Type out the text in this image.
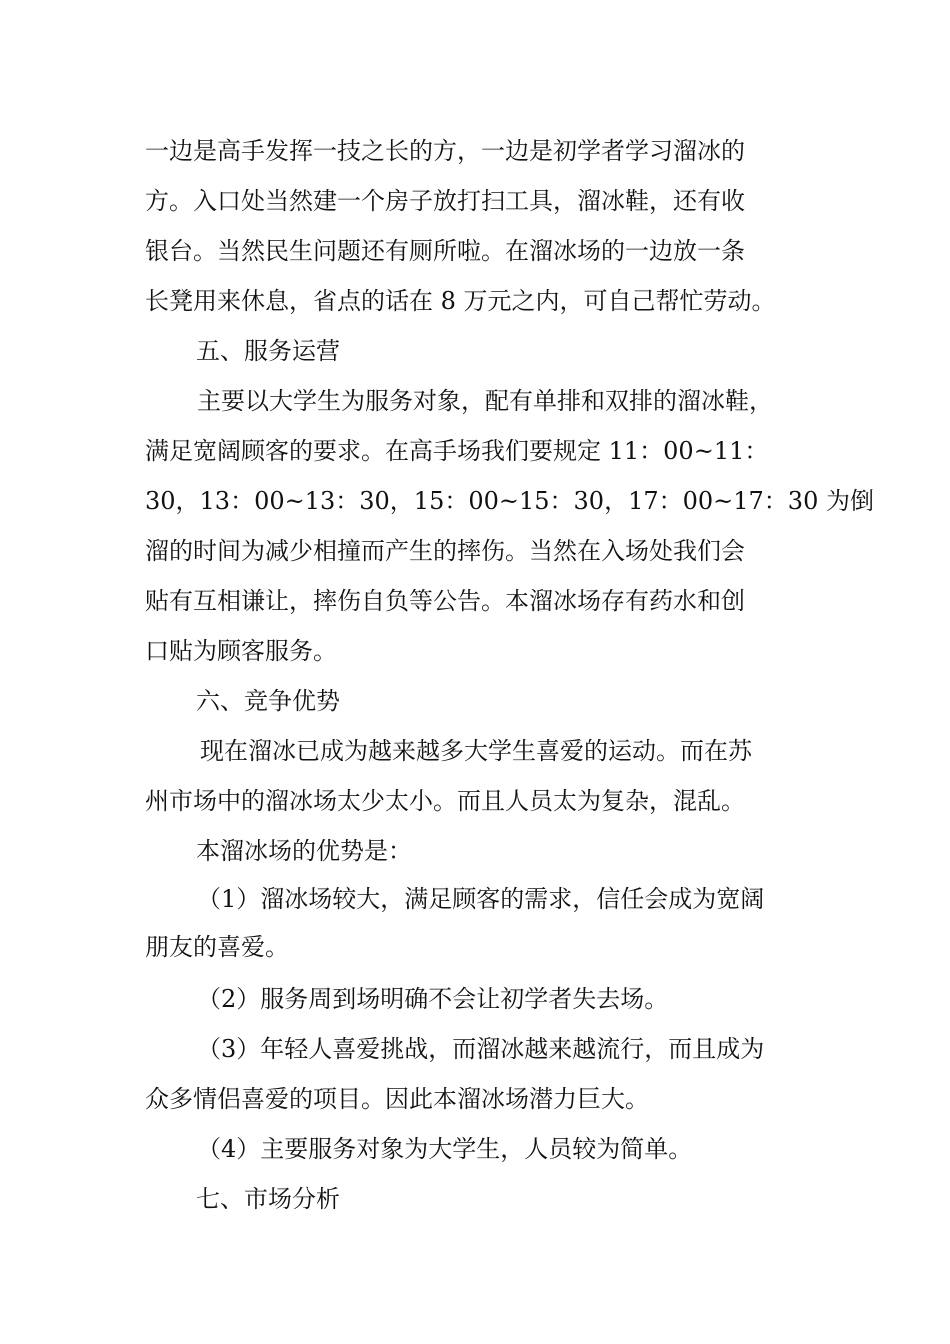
一边是高手发挥一技之长的方，一边是初学者学习溜冰的
方。入口处当然建一个房子放打扫工具，溜冰鞋，还有收
银台。当然民生问题还有厕所啦。在溜冰场的一边放一条
长凳用来休息，省点的话在 8 万元之内，可自己帮忙劳动。
五、服务运营
主要以大学生为服务对象，配有单排和双排的溜冰鞋，
满足宽阔顾客的要求。在高手场我们要规定 11：00~11：
30，13：00~13：30，15：00~15：30，17：00~17：30 为倒
溜的时间为减少相撞而产生的摔伤。当然在入场处我们会
贴有互相谦让，摔伤自负等公告。本溜冰场存有药水和创
口贴为顾客服务。
六、竞争优势
现在溜冰已成为越来越多大学生喜爱的运动。而在苏
州市场中的溜冰场太少太小。而且人员太为复杂，混乱。
本溜冰场的优势是：
（1）溜冰场较大，满足顾客的需求，信任会成为宽阔
朋友的喜爱。
（2）服务周到场明确不会让初学者失去场。
（3）年轻人喜爱挑战，而溜冰越来越流行，而且成为
众多情侣喜爱的项目。因此本溜冰场潜力巨大。
（4）主要服务对象为大学生，人员较为简单。
七、市场分析
